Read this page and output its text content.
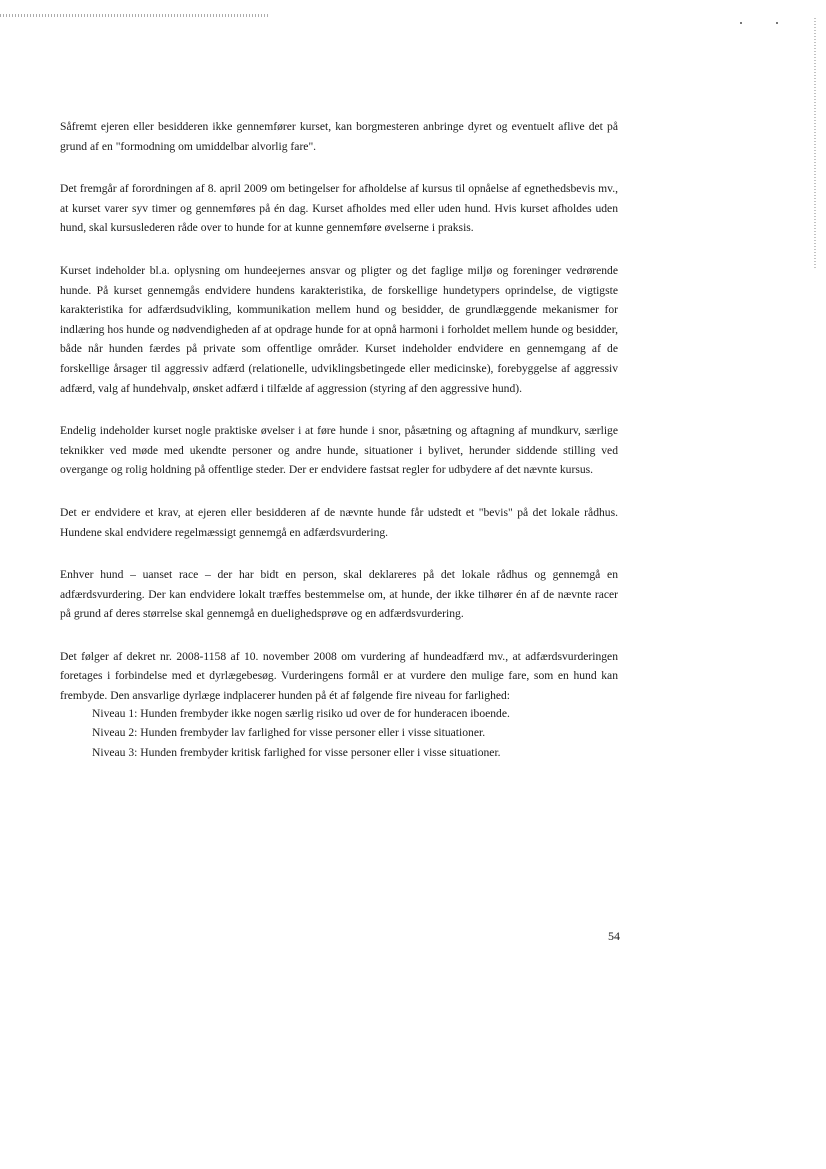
Såfremt ejeren eller besidderen ikke gennemfører kurset, kan borgmesteren anbringe dyret og eventuelt aflive det på grund af en "formodning om umiddelbar alvorlig fare".

Det fremgår af forordningen af 8. april 2009 om betingelser for afholdelse af kursus til opnåelse af egnethedsbevis mv., at kurset varer syv timer og gennemføres på én dag. Kurset afholdes med eller uden hund. Hvis kurset afholdes uden hund, skal kursuslederen råde over to hunde for at kunne gennemføre øvelserne i praksis.

Kurset indeholder bl.a. oplysning om hundeejernes ansvar og pligter og det faglige miljø og foreninger vedrørende hunde. På kurset gennemgås endvidere hundens karakteristika, de forskellige hundetypers oprindelse, de vigtigste karakteristika for adfærdsudvikling, kommunikation mellem hund og besidder, de grundlæggende mekanismer for indlæring hos hunde og nødvendigheden af at opdrage hunde for at opnå harmoni i forholdet mellem hunde og besidder, både når hunden færdes på private som offentlige områder. Kurset indeholder endvidere en gennemgang af de forskellige årsager til aggressiv adfærd (relationelle, udviklingsbetingede eller medicinske), forebyggelse af aggressiv adfærd, valg af hundehvalp, ønsket adfærd i tilfælde af aggression (styring af den aggressive hund).

Endelig indeholder kurset nogle praktiske øvelser i at føre hunde i snor, påsætning og aftagning af mundkurv, særlige teknikker ved møde med ukendte personer og andre hunde, situationer i bylivet, herunder siddende stilling ved overgange og rolig holdning på offentlige steder. Der er endvidere fastsat regler for udbydere af det nævnte kursus.

Det er endvidere et krav, at ejeren eller besidderen af de nævnte hunde får udstedt et "bevis" på det lokale rådhus. Hundene skal endvidere regelmæssigt gennemgå en adfærdsvurdering.

Enhver hund – uanset race – der har bidt en person, skal deklareres på det lokale rådhus og gennemgå en adfærdsvurdering. Der kan endvidere lokalt træffes bestemmelse om, at hunde, der ikke tilhører én af de nævnte racer på grund af deres størrelse skal gennemgå en duelighedsprøve og en adfærdsvurdering.

Det følger af dekret nr. 2008-1158 af 10. november 2008 om vurdering af hundeadfærd mv., at adfærdsvurderingen foretages i forbindelse med et dyrlægebesøg. Vurderingens formål er at vurdere den mulige fare, som en hund kan frembyde. Den ansvarlige dyrlæge indplacerer hunden på ét af følgende fire niveau for farlighed:

Niveau 1: Hunden frembyder ikke nogen særlig risiko ud over de for hunderacen iboende.
Niveau 2: Hunden frembyder lav farlighed for visse personer eller i visse situationer.
Niveau 3: Hunden frembyder kritisk farlighed for visse personer eller i visse situationer.
54
